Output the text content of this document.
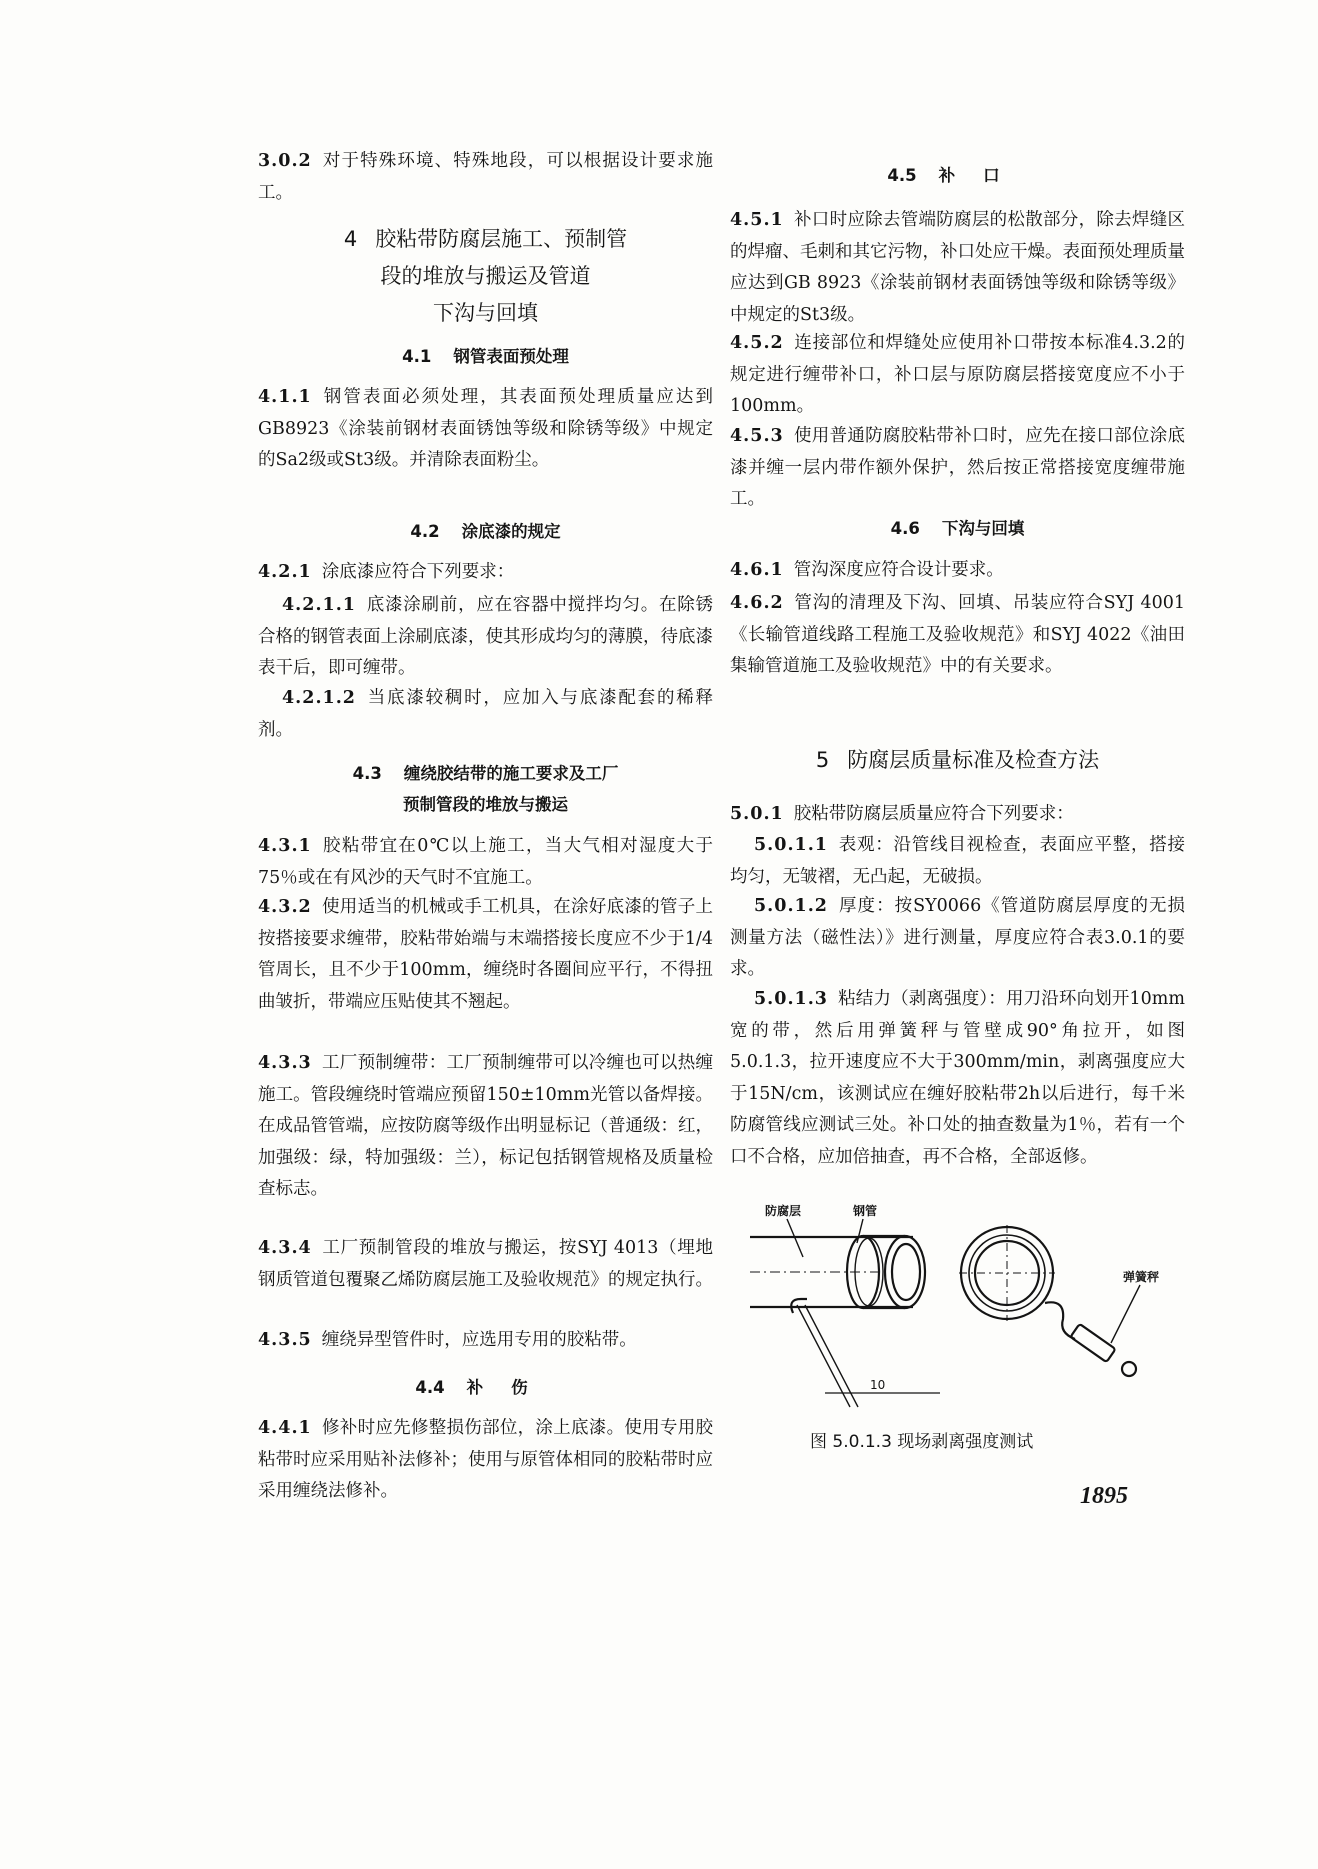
3.0.2 对于特殊环境、特殊地段，可以根据设计要求施工。

4 胶粘带防腐层施工、预制管
段的堆放与搬运及管道
下沟与回填

4.1 钢管表面预处理

4.1.1 钢管表面必须处理，其表面预处理质量应达到GB8923《涂装前钢材表面锈蚀等级和除锈等级》中规定的Sa2级或St3级。并清除表面粉尘。

4.2 涂底漆的规定

4.2.1 涂底漆应符合下列要求：

4.2.1.1 底漆涂刷前，应在容器中搅拌均匀。在除锈合格的钢管表面上涂刷底漆，使其形成均匀的薄膜，待底漆表干后，即可缠带。

4.2.1.2 当底漆较稠时，应加入与底漆配套的稀释剂。

4.3 缠绕胶结带的施工要求及工厂

预制管段的堆放与搬运

4.3.1 胶粘带宜在0℃以上施工，当大气相对湿度大于75％或在有风沙的天气时不宜施工。

4.3.2 使用适当的机械或手工机具，在涂好底漆的管子上按搭接要求缠带，胶粘带始端与末端搭接长度应不少于1/4管周长，且不少于100mm，缠绕时各圈间应平行，不得扭曲皱折，带端应压贴使其不翘起。

4.3.3 工厂预制缠带：工厂预制缠带可以冷缠也可以热缠施工。管段缠绕时管端应预留150±10mm光管以备焊接。在成品管管端，应按防腐等级作出明显标记（普通级：红，加强级：绿，特加强级：兰），标记包括钢管规格及质量检查标志。

4.3.4 工厂预制管段的堆放与搬运，按SYJ 4013（埋地钢质管道包覆聚乙烯防腐层施工及验收规范》的规定执行。

4.3.5 缠绕异型管件时，应选用专用的胶粘带。

4.4 补伤

4.4.1 修补时应先修整损伤部位，涂上底漆。使用专用胶粘带时应采用贴补法修补；使用与原管体相同的胶粘带时应采用缠绕法修补。

4.5 补口

4.5.1 补口时应除去管端防腐层的松散部分，除去焊缝区的焊瘤、毛刺和其它污物，补口处应干燥。表面预处理质量应达到GB 8923《涂装前钢材表面锈蚀等级和除锈等级》中规定的St3级。

4.5.2 连接部位和焊缝处应使用补口带按本标准4.3.2的规定进行缠带补口，补口层与原防腐层搭接宽度应不小于100mm。

4.5.3 使用普通防腐胶粘带补口时，应先在接口部位涂底漆并缠一层内带作额外保护，然后按正常搭接宽度缠带施工。

4.6 下沟与回填

4.6.1 管沟深度应符合设计要求。

4.6.2 管沟的清理及下沟、回填、吊装应符合SYJ 4001《长输管道线路工程施工及验收规范》和SYJ 4022《油田集输管道施工及验收规范》中的有关要求。

5 防腐层质量标准及检查方法

5.0.1 胶粘带防腐层质量应符合下列要求：

5.0.1.1 表观：沿管线目视检查，表面应平整，搭接均匀，无皱褶，无凸起，无破损。

5.0.1.2 厚度：按SY0066《管道防腐层厚度的无损测量方法（磁性法）》进行测量，厚度应符合表3.0.1的要求。

5.0.1.3 粘结力（剥离强度）：用刀沿环向划开10mm宽的带，然后用弹簧秤与管壁成90°角拉开，如图5.0.1.3，拉开速度应不大于300mm/min，剥离强度应大于15N/cm，该测试应在缠好胶粘带2h以后进行，每千米防腐管线应测试三处。补口处的抽查数量为1％，若有一个口不合格，应加倍抽查，再不合格，全部返修。

防腐层	钢管
弹簧秤
10
图 5.0.1.3 现场剥离强度测试
1895
